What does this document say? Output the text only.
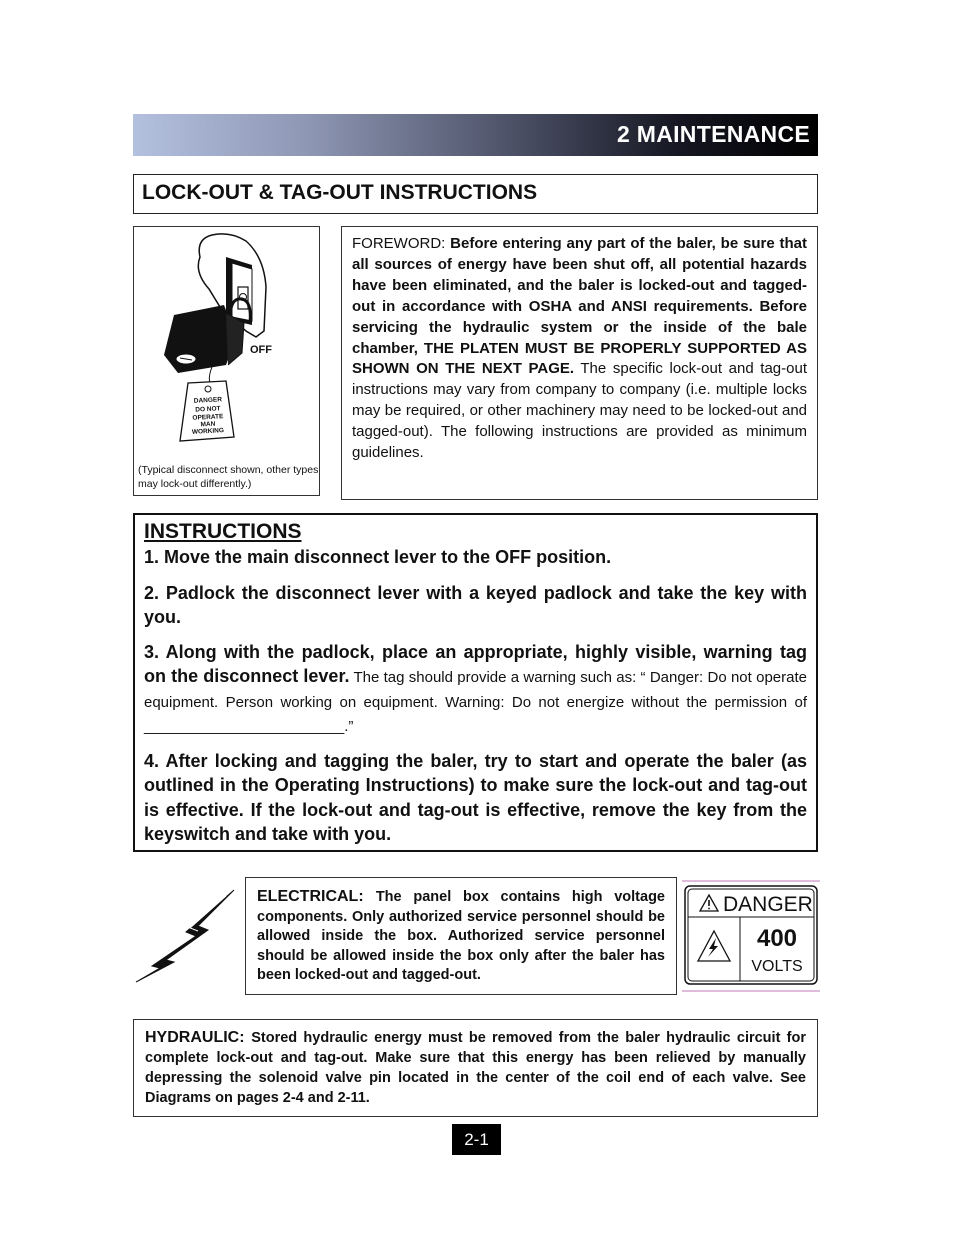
2 MAINTENANCE
LOCK-OUT & TAG-OUT INSTRUCTIONS
DANGER
DO NOT
OPERATE
MAN
WORKING
OFF
(Typical disconnect shown, other types may lock-out differently.)

FOREWORD: Before entering any part of the baler, be sure that all sources of energy have been shut off, all potential hazards have been eliminated, and the baler is locked-out and tagged-out in accordance with OSHA and ANSI requirements. Before servicing the hydraulic system or the inside of the bale chamber, THE PLATEN MUST BE PROPERLY SUPPORTED AS SHOWN ON THE NEXT PAGE. The specific lock-out and tag-out instructions may vary from company to company (i.e. multiple locks may be required, or other machinery may need to be locked-out and tagged-out). The following instructions are provided as minimum guidelines.

INSTRUCTIONS

1. Move the main disconnect lever to the OFF position.

2. Padlock the disconnect lever with a keyed padlock and take the key with you.

3. Along with the padlock, place an appropriate, highly visible, warning tag on the disconnect lever. The tag should provide a warning such as: “ Danger: Do not operate equipment. Person working on equipment. Warning: Do not energize without the permission of ________________________.”

4. After locking and tagging the baler, try to start and operate the baler (as outlined in the Operating Instructions) to make sure the lock-out and tag-out is effective. If the lock-out and tag-out is effective, remove the key from the keyswitch and take with you.

ELECTRICAL: The panel box contains high voltage components. Only authorized service personnel should be allowed inside the box. Authorized service personnel should be allowed inside the box only after the baler has been locked-out and tagged-out.
DANGER
400
VOLTS
HYDRAULIC: Stored hydraulic energy must be removed from the baler hydraulic circuit for complete lock-out and tag-out. Make sure that this energy has been relieved by manually depressing the solenoid valve pin located in the center of the coil end of each valve. See Diagrams on pages 2-4 and 2-11.
2-1
